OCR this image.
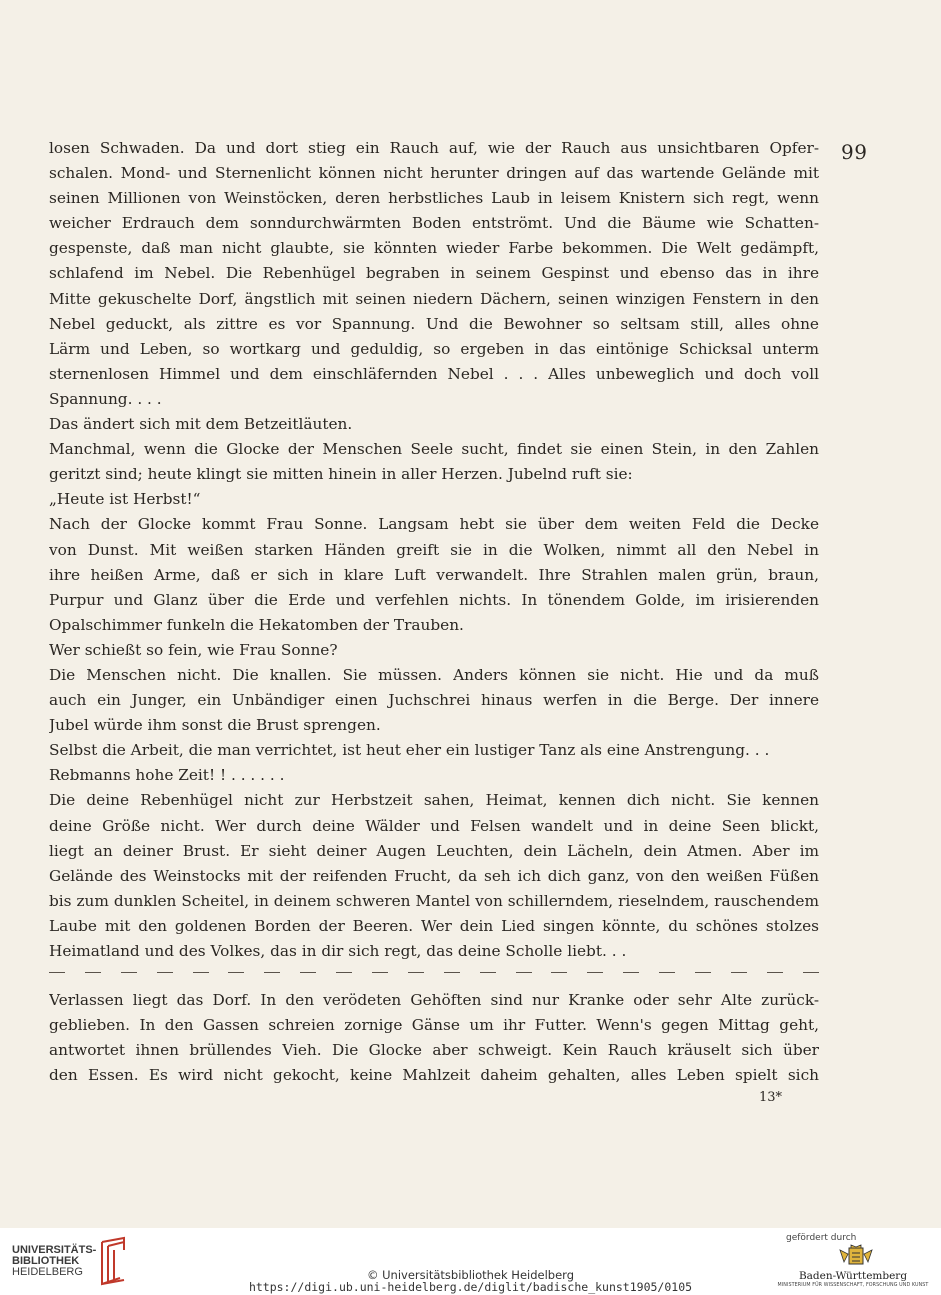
99
losen Schwaden. Da und dort stieg ein Rauch auf, wie der Rauch aus unsichtbaren Opfer-
schalen. Mond- und Sternenlicht können nicht herunter dringen auf das wartende Gelände mit
seinen Millionen von Weinstöcken, deren herbstliches Laub in leisem Knistern sich regt, wenn
weicher Erdrauch dem sonndurchwärmten Boden entströmt. Und die Bäume wie Schatten-
gespenste, daß man nicht glaubte, sie könnten wieder Farbe bekommen. Die Welt gedämpft,
schlafend im Nebel. Die Rebenhügel begraben in seinem Gespinst und ebenso das in ihre
Mitte gekuschelte Dorf, ängstlich mit seinen niedern Dächern, seinen winzigen Fenstern in den
Nebel geduckt, als zittre es vor Spannung. Und die Bewohner so seltsam still, alles ohne
Lärm und Leben, so wortkarg und geduldig, so ergeben in das eintönige Schicksal unterm
sternenlosen Himmel und dem einschläfernden Nebel . . . Alles unbeweglich und doch voll
Spannung. . . .
Das ändert sich mit dem Betzeitläuten.
Manchmal, wenn die Glocke der Menschen Seele sucht, findet sie einen Stein, in den Zahlen
geritzt sind; heute klingt sie mitten hinein in aller Herzen. Jubelnd ruft sie:
„Heute ist Herbst!“
Nach der Glocke kommt Frau Sonne. Langsam hebt sie über dem weiten Feld die Decke
von Dunst. Mit weißen starken Händen greift sie in die Wolken, nimmt all den Nebel in
ihre heißen Arme, daß er sich in klare Luft verwandelt. Ihre Strahlen malen grün, braun,
Purpur und Glanz über die Erde und verfehlen nichts. In tönendem Golde, im irisierenden
Opalschimmer funkeln die Hekatomben der Trauben.
Wer schießt so fein, wie Frau Sonne?
Die Menschen nicht. Die knallen. Sie müssen. Anders können sie nicht. Hie und da muß
auch ein Junger, ein Unbändiger einen Juchschrei hinaus werfen in die Berge. Der innere
Jubel würde ihm sonst die Brust sprengen.
Selbst die Arbeit, die man verrichtet, ist heut eher ein lustiger Tanz als eine Anstrengung. . .
Rebmanns hohe Zeit! ! . . . . . .
Die deine Rebenhügel nicht zur Herbstzeit sahen, Heimat, kennen dich nicht. Sie kennen
deine Größe nicht. Wer durch deine Wälder und Felsen wandelt und in deine Seen blickt,
liegt an deiner Brust. Er sieht deiner Augen Leuchten, dein Lächeln, dein Atmen. Aber im
Gelände des Weinstocks mit der reifenden Frucht, da seh ich dich ganz, von den weißen Füßen
bis zum dunklen Scheitel, in deinem schweren Mantel von schillerndem, rieselndem, rauschendem
Laube mit den goldenen Borden der Beeren. Wer dein Lied singen könnte, du schönes stolzes
Heimatland und des Volkes, das in dir sich regt, das deine Scholle liebt. . .
Verlassen liegt das Dorf. In den verödeten Gehöften sind nur Kranke oder sehr Alte zurück-
geblieben. In den Gassen schreien zornige Gänse um ihr Futter. Wenn's gegen Mittag geht,
antwortet ihnen brüllendes Vieh. Die Glocke aber schweigt. Kein Rauch kräuselt sich über
den Essen. Es wird nicht gekocht, keine Mahlzeit daheim gehalten, alles Leben spielt sich
13*
UNIVERSITÄTS-
BIBLIOTHEK
HEIDELBERG	© Universitätsbibliothek Heidelberg
https://digi.ub.uni-heidelberg.de/diglit/badische_kunst1905/0105
gefördert durch
Baden-Württemberg
MINISTERIUM FÜR WISSENSCHAFT, FORSCHUNG UND KUNST
